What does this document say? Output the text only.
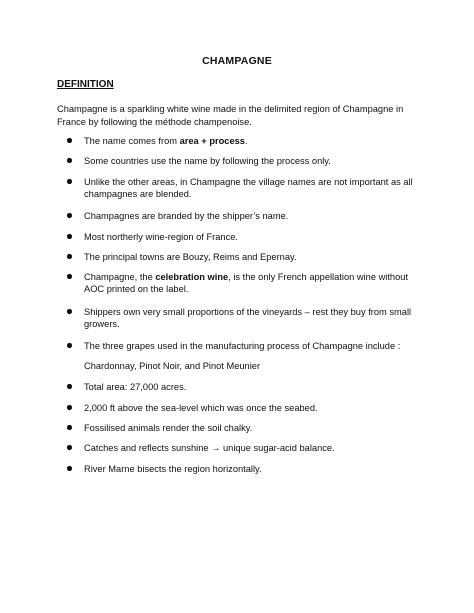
CHAMPAGNE
DEFINITION
Champagne is a sparkling white wine made in the delimited region of Champagne in France by following the méthode champenoise.
The name comes from area + process.
Some countries use the name by following the process only.
Unlike the other areas, in Champagne the village names are not important as all champagnes are blended.
Champagnes are branded by the shipper’s name.
Most northerly wine-region of France.
The principal towns are Bouzy, Reims and Epernay.
Champagne, the celebration wine, is the only French appellation wine without AOC printed on the label.
Shippers own very small proportions of the vineyards – rest they buy from small growers.
The three grapes used in the manufacturing process of Champagne include :
Chardonnay, Pinot Noir, and Pinot Meunier
Total area: 27,000 acres.
2,000 ft above the sea-level which was once the seabed.
Fossilised animals render the soil chalky.
Catches and reflects sunshine → unique sugar-acid balance.
River Marne bisects the region horizontally.
